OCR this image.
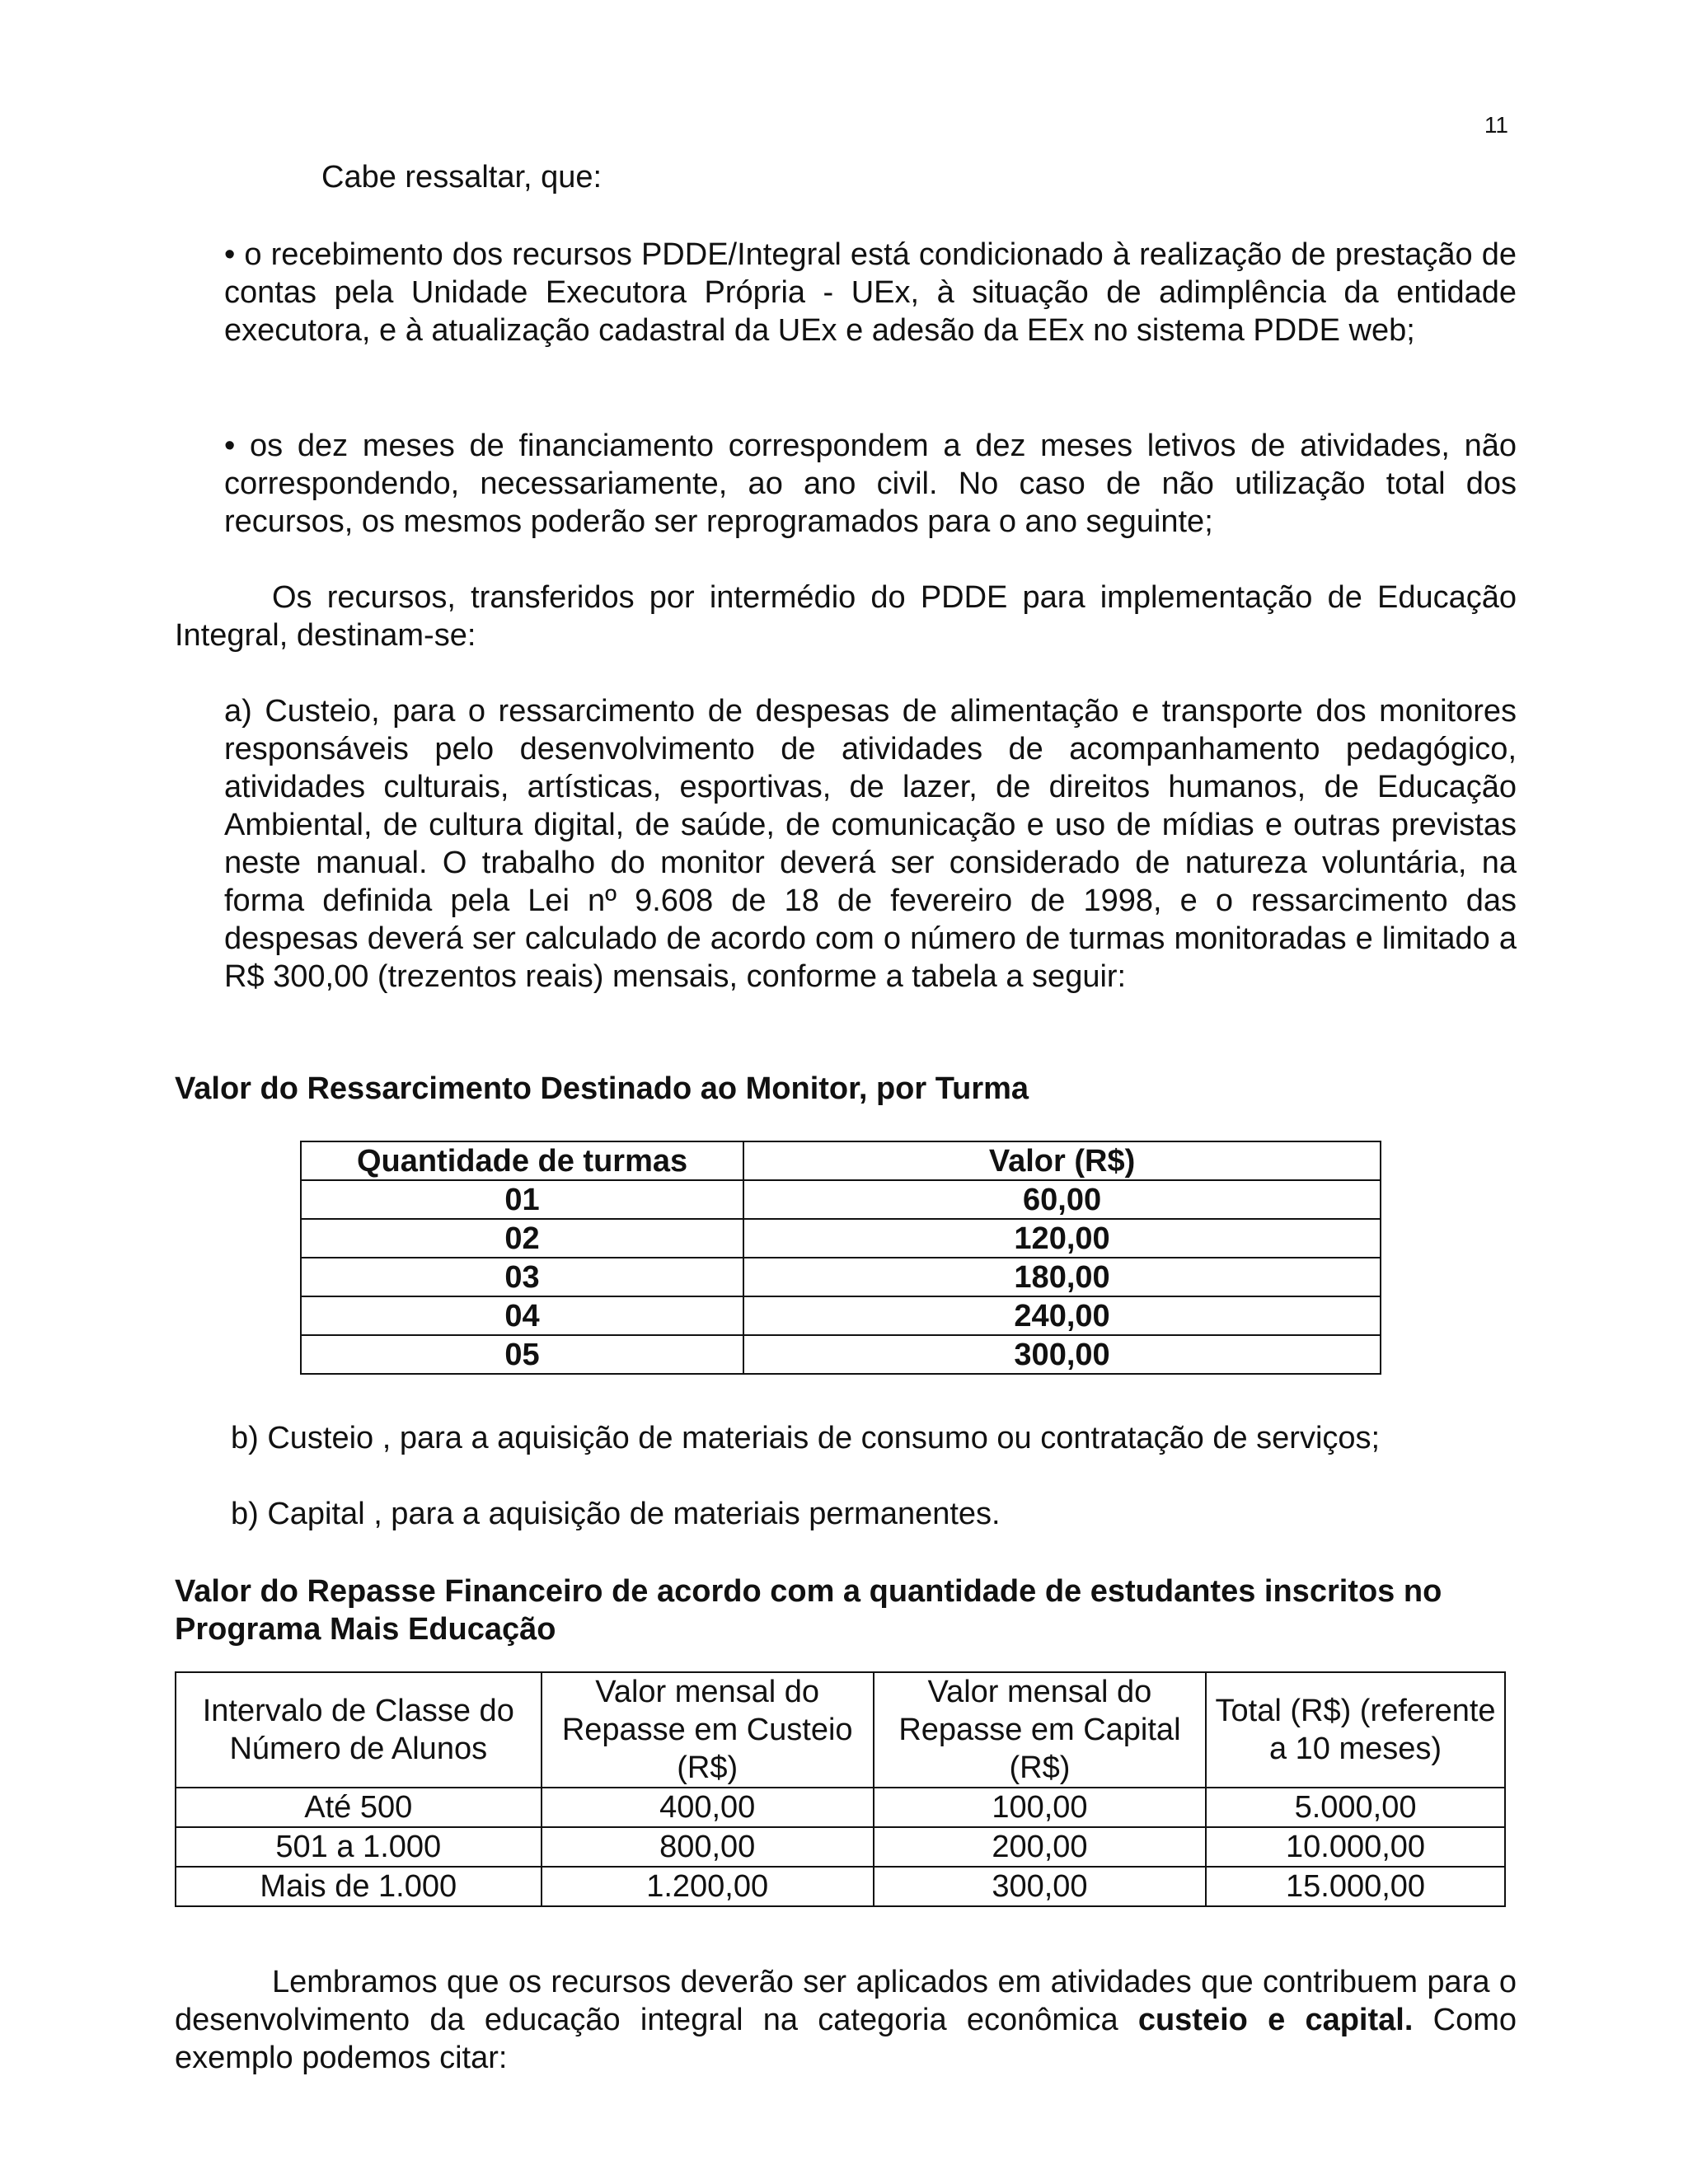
11
Cabe ressaltar, que:
• o recebimento dos recursos PDDE/Integral está condicionado à realização de prestação de contas pela Unidade Executora Própria - UEx, à situação de adimplência da entidade executora, e à atualização cadastral da UEx e adesão da EEx no sistema PDDE web;
• os dez meses de financiamento correspondem a dez meses letivos de atividades, não correspondendo, necessariamente, ao ano civil. No caso de não utilização total dos recursos, os mesmos poderão ser reprogramados para o ano seguinte;
Os recursos, transferidos por intermédio do PDDE para implementação de Educação Integral, destinam-se:
a) Custeio, para o ressarcimento de despesas de alimentação e transporte dos monitores responsáveis pelo desenvolvimento de atividades de acompanhamento pedagógico, atividades culturais, artísticas, esportivas, de lazer, de direitos humanos, de Educação Ambiental, de cultura digital, de saúde, de comunicação e uso de mídias e outras previstas neste manual. O trabalho do monitor deverá ser considerado de natureza voluntária, na forma definida pela Lei nº 9.608 de 18 de fevereiro de 1998, e o ressarcimento das despesas deverá ser calculado de acordo com o número de turmas monitoradas e limitado a R$ 300,00 (trezentos reais) mensais, conforme a tabela a seguir:
Valor do Ressarcimento Destinado ao Monitor, por Turma
Quantidade de turmas	Valor (R$)
01	60,00
02	120,00
03	180,00
04	240,00
05	300,00
b) Custeio , para a aquisição de materiais de consumo ou contratação de serviços;
b) Capital , para a aquisição de materiais permanentes.
Valor do Repasse Financeiro de acordo com a quantidade de estudantes inscritos no Programa Mais Educação
Intervalo de Classe do Número de Alunos	Valor mensal do Repasse em Custeio (R$)	Valor mensal do Repasse em Capital (R$)	Total (R$) (referente a 10 meses)
Até 500	400,00	100,00	5.000,00
501 a 1.000	800,00	200,00	10.000,00
Mais de 1.000	1.200,00	300,00	15.000,00
Lembramos que os recursos deverão ser aplicados em atividades que contribuem para o desenvolvimento da educação integral na categoria econômica custeio e capital. Como exemplo podemos citar:
